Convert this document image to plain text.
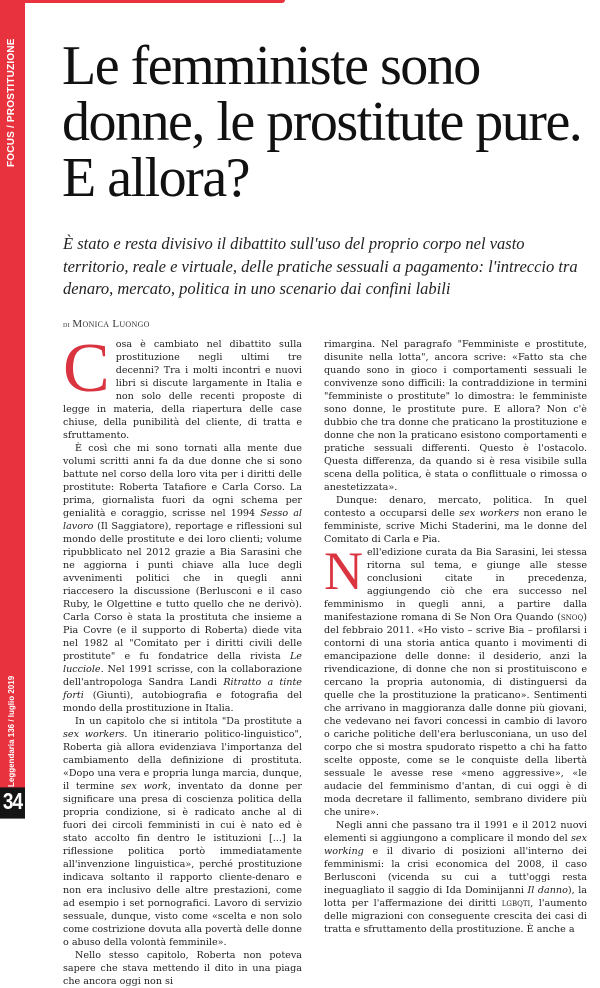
FOCUS / PROSTITUZIONE
Leggendaria 136 / luglio 2019
34
Le femministe sono donne, le prostitute pure. E allora?

È stato e resta divisivo il dibattito sull'uso del proprio corpo nel vasto territorio, reale e virtuale, delle pratiche sessuali a pagamento: l'intreccio tra denaro, mercato, politica in uno scenario dai confini labili

di Monica Luongo

Cosa è cambiato nel dibattito sulla prostituzione negli ultimi tre decenni? Tra i molti incontri e nuovi libri si discute largamente in Italia e non solo delle recenti proposte di legge in materia, della riapertura delle case chiuse, della punibilità del cliente, di tratta e sfruttamento.

È così che mi sono tornati alla mente due volumi scritti anni fa da due donne che si sono battute nel corso della loro vita per i diritti delle prostitute: Roberta Tatafiore e Carla Corso. La prima, giornalista fuori da ogni schema per genialità e coraggio, scrisse nel 1994 Sesso al lavoro (Il Saggiatore), reportage e riflessioni sul mondo delle prostitute e dei loro clienti; volume ripubblicato nel 2012 grazie a Bia Sarasini che ne aggiorna i punti chiave alla luce degli avvenimenti politici che in quegli anni riaccesero la discussione (Berlusconi e il caso Ruby, le Olgettine e tutto quello che ne derivò). Carla Corso è stata la prostituta che insieme a Pia Covre (e il supporto di Roberta) diede vita nel 1982 al "Comitato per i diritti civili delle prostitute" e fu fondatrice della rivista Le lucciole. Nel 1991 scrisse, con la collaborazione dell'antropologa Sandra Landi Ritratto a tinte forti (Giunti), autobiografia e fotografia del mondo della prostituzione in Italia.

In un capitolo che si intitola "Da prostitute a sex workers. Un itinerario politico-linguistico", Roberta già allora evidenziava l'importanza del cambiamento della definizione di prostituta. «Dopo una vera e propria lunga marcia, dunque, il termine sex work, inventato da donne per significare una presa di coscienza politica della propria condizione, si è radicato anche al di fuori dei circoli femministi in cui è nato ed è stato accolto fin dentro le istituzioni [...] la riflessione politica portò immediatamente all'invenzione linguistica», perché prostituzione indicava soltanto il rapporto cliente-denaro e non era inclusivo delle altre prestazioni, come ad esempio i set pornografici. Lavoro di servizio sessuale, dunque, visto come «scelta e non solo come costrizione dovuta alla povertà delle donne o abuso della volontà femminile».

Nello stesso capitolo, Roberta non poteva sapere che stava mettendo il dito in una piaga che ancora oggi non si

rimargina. Nel paragrafo "Femministe e prostitute, disunite nella lotta", ancora scrive: «Fatto sta che quando sono in gioco i comportamenti sessuali le convivenze sono difficili: la contraddizione in termini "femministe o prostitute" lo dimostra: le femministe sono donne, le prostitute pure. E allora? Non c'è dubbio che tra donne che praticano la prostituzione e donne che non la praticano esistono comportamenti e pratiche sessuali differenti. Questo è l'ostacolo. Questa differenza, da quando si è resa visibile sulla scena della politica, è stata o conflittuale o rimossa o anestetizzata».

Dunque: denaro, mercato, politica. In quel contesto a occuparsi delle sex workers non erano le femministe, scrive Michi Staderini, ma le donne del Comitato di Carla e Pia.

Nell'edizione curata da Bia Sarasini, lei stessa ritorna sul tema, e giunge alle stesse conclusioni citate in precedenza, aggiungendo ciò che era successo nel femminismo in quegli anni, a partire dalla manifestazione romana di Se Non Ora Quando (snoq) del febbraio 2011. «Ho visto – scrive Bia – profilarsi i contorni di una storia antica quanto i movimenti di emancipazione delle donne: il desiderio, anzi la rivendicazione, di donne che non si prostituiscono e cercano la propria autonomia, di distinguersi da quelle che la prostituzione la praticano». Sentimenti che arrivano in maggioranza dalle donne più giovani, che vedevano nei favori concessi in cambio di lavoro o cariche politiche dell'era berlusconiana, un uso del corpo che si mostra spudorato rispetto a chi ha fatto scelte opposte, come se le conquiste della libertà sessuale le avesse rese «meno aggressive», «le audacie del femminismo d'antan, di cui oggi è di moda decretare il fallimento, sembrano dividere più che unire».

Negli anni che passano tra il 1991 e il 2012 nuovi elementi si aggiungono a complicare il mondo del sex working e il divario di posizioni all'interno dei femminismi: la crisi economica del 2008, il caso Berlusconi (vicenda su cui a tutt'oggi resta ineguagliato il saggio di Ida Dominijanni Il danno), la lotta per l'affermazione dei diritti lgbqti, l'aumento delle migrazioni con conseguente crescita dei casi di tratta e sfruttamento della prostituzione. È anche a
